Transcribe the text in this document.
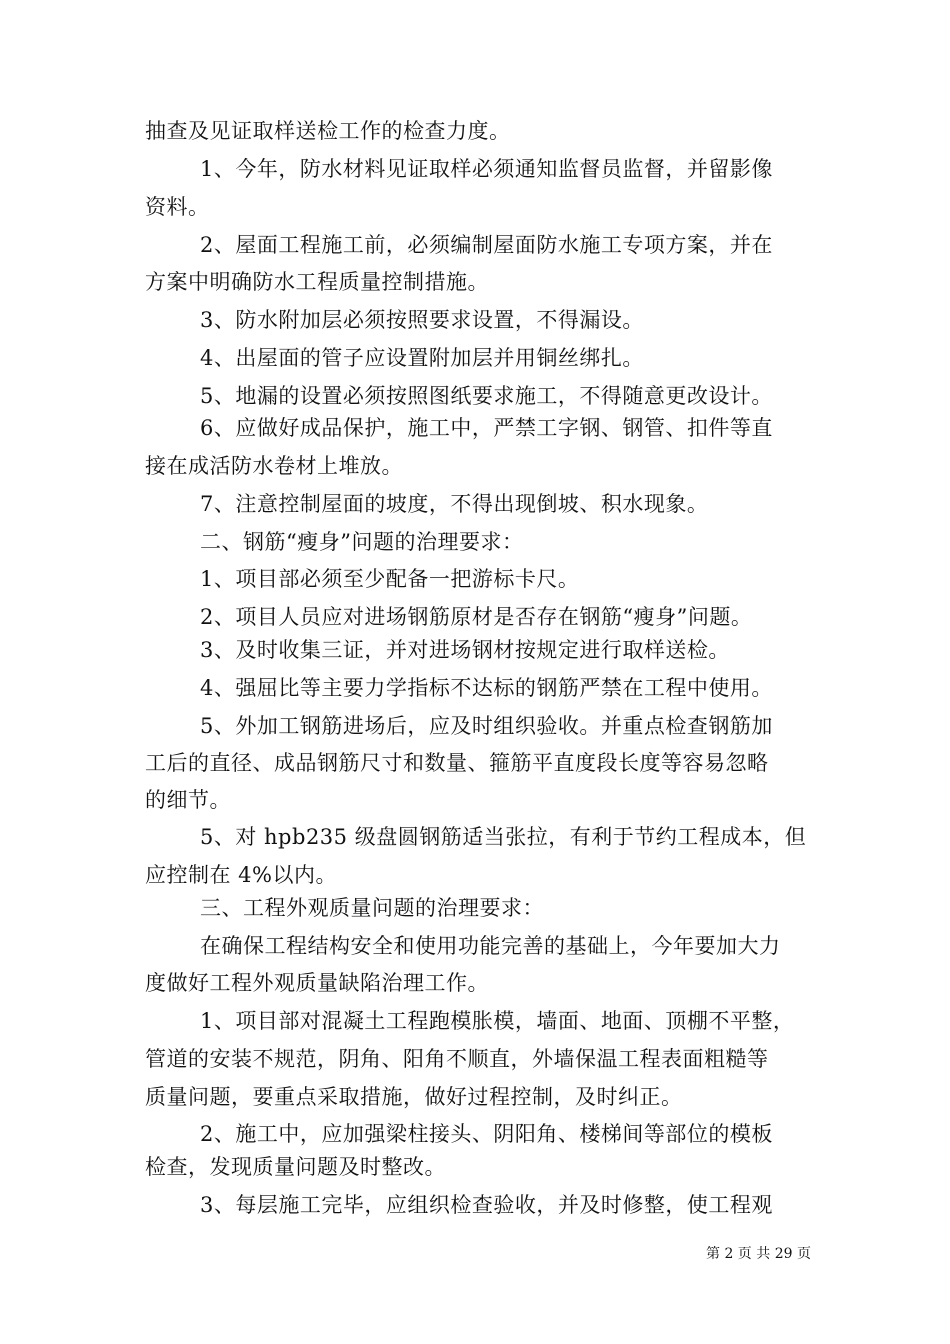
抽查及见证取样送检工作的检查力度。
1、今年，防水材料见证取样必须通知监督员监督，并留影像
资料。
2、屋面工程施工前，必须编制屋面防水施工专项方案，并在
方案中明确防水工程质量控制措施。
3、防水附加层必须按照要求设置，不得漏设。
4、出屋面的管子应设置附加层并用铜丝绑扎。
5、地漏的设置必须按照图纸要求施工，不得随意更改设计。
6、应做好成品保护，施工中，严禁工字钢、钢管、扣件等直
接在成活防水卷材上堆放。
7、注意控制屋面的坡度，不得出现倒坡、积水现象。
二、钢筋“瘦身”问题的治理要求：
1、项目部必须至少配备一把游标卡尺。
2、项目人员应对进场钢筋原材是否存在钢筋“瘦身”问题。
3、及时收集三证，并对进场钢材按规定进行取样送检。
4、强屈比等主要力学指标不达标的钢筋严禁在工程中使用。
5、外加工钢筋进场后，应及时组织验收。并重点检查钢筋加
工后的直径、成品钢筋尺寸和数量、箍筋平直度段长度等容易忽略
的细节。
5、对 hpb235 级盘圆钢筋适当张拉，有利于节约工程成本，但
应控制在 4%以内。
三、工程外观质量问题的治理要求：
在确保工程结构安全和使用功能完善的基础上，今年要加大力
度做好工程外观质量缺陷治理工作。
1、项目部对混凝土工程跑模胀模，墙面、地面、顶棚不平整，
管道的安装不规范，阴角、阳角不顺直，外墙保温工程表面粗糙等
质量问题，要重点采取措施，做好过程控制，及时纠正。
2、施工中，应加强梁柱接头、阴阳角、楼梯间等部位的模板
检查，发现质量问题及时整改。
3、每层施工完毕，应组织检查验收，并及时修整，使工程观
第 2 页 共 29 页
